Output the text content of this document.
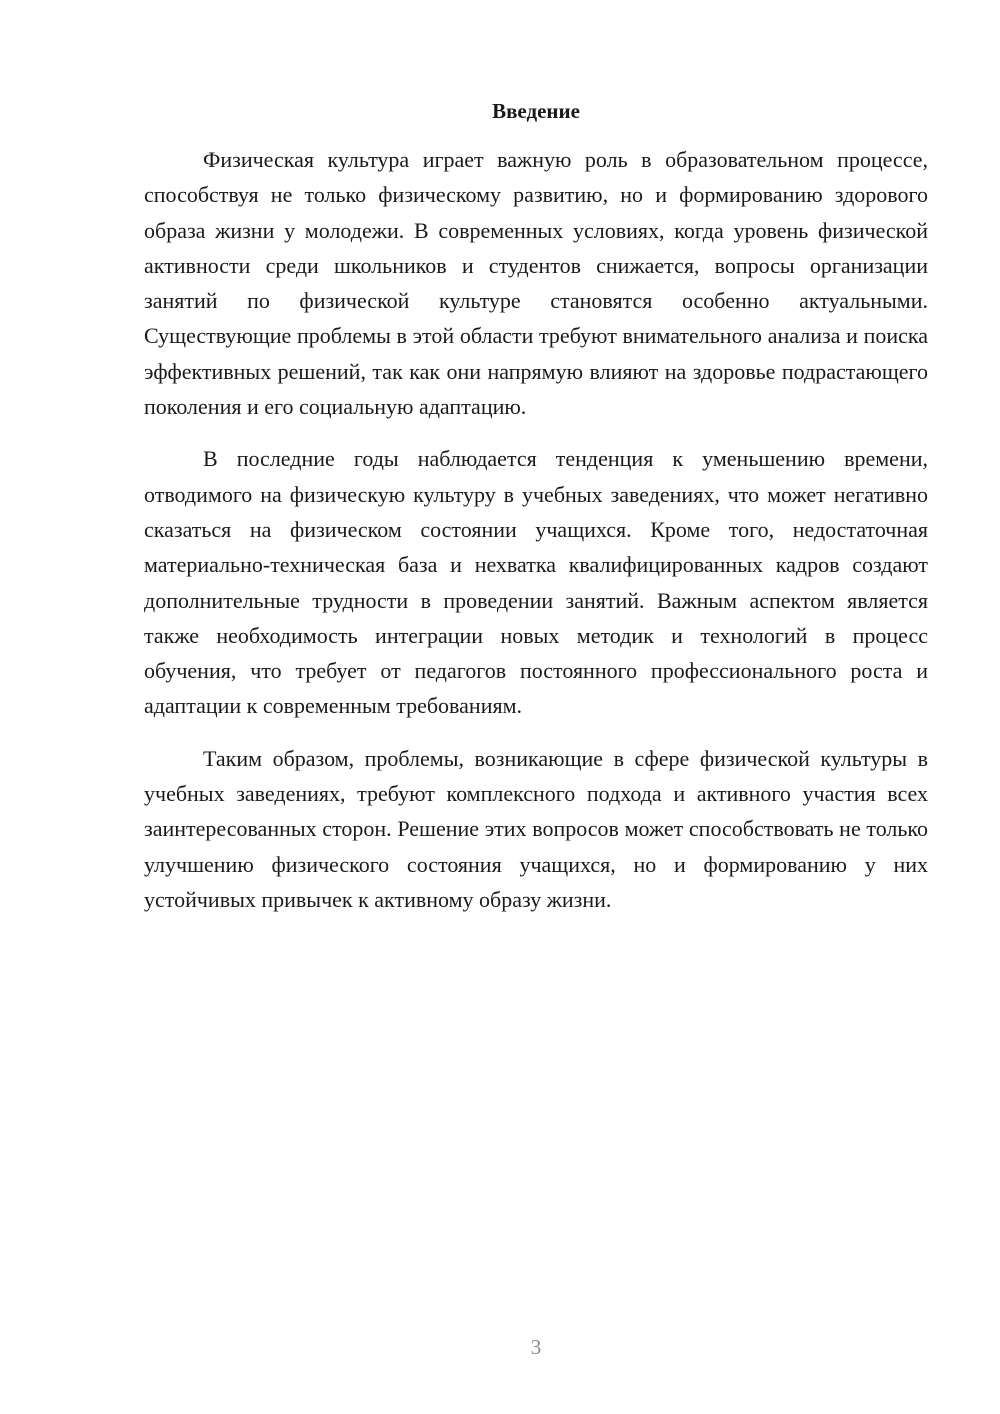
Введение

Физическая культура играет важную роль в образовательном процессе, способствуя не только физическому развитию, но и формированию здорового образа жизни у молодежи. В современных условиях, когда уровень физической активности среди школьников и студентов снижается, вопросы организации занятий по физической культуре становятся особенно актуальными. Существующие проблемы в этой области требуют внимательного анализа и поиска эффективных решений, так как они напрямую влияют на здоровье подрастающего поколения и его социальную адаптацию.

В последние годы наблюдается тенденция к уменьшению времени, отводимого на физическую культуру в учебных заведениях, что может негативно сказаться на физическом состоянии учащихся. Кроме того, недостаточная материально-техническая база и нехватка квалифицированных кадров создают дополнительные трудности в проведении занятий. Важным аспектом является также необходимость интеграции новых методик и технологий в процесс обучения, что требует от педагогов постоянного профессионального роста и адаптации к современным требованиям.

Таким образом, проблемы, возникающие в сфере физической культуры в учебных заведениях, требуют комплексного подхода и активного участия всех заинтересованных сторон. Решение этих вопросов может способствовать не только улучшению физического состояния учащихся, но и формированию у них устойчивых привычек к активному образу жизни.

3
